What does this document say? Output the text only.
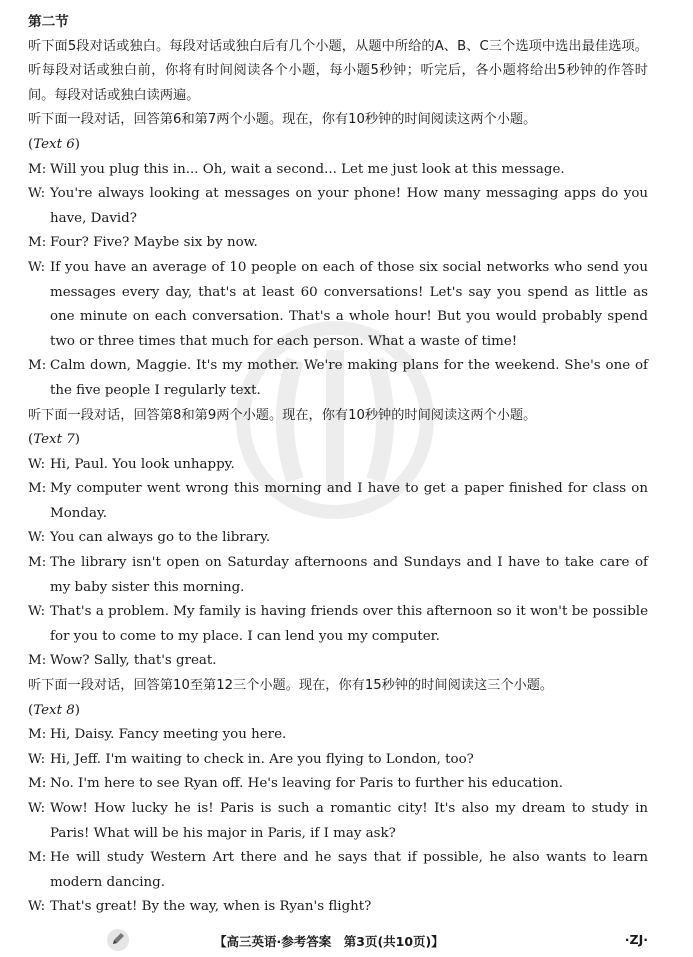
第二节

听下面5段对话或独白。每段对话或独白后有几个小题，从题中所给的A、B、C三个选项中选出最佳选项。听每段对话或独白前，你将有时间阅读各个小题，每小题5秒钟；听完后，各小题将给出5秒钟的作答时间。每段对话或独白读两遍。

听下面一段对话，回答第6和第7两个小题。现在，你有10秒钟的时间阅读这两个小题。
(Text 6)
M: Will you plug this in... Oh, wait a second... Let me just look at this message.
W: You're always looking at messages on your phone! How many messaging apps do you have, David?
M: Four? Five? Maybe six by now.
W: If you have an average of 10 people on each of those six social networks who send you messages every day, that's at least 60 conversations! Let's say you spend as little as one minute on each conversation. That's a whole hour! But you would probably spend two or three times that much for each person. What a waste of time!
M: Calm down, Maggie. It's my mother. We're making plans for the weekend. She's one of the five people I regularly text.
听下面一段对话，回答第8和第9两个小题。现在，你有10秒钟的时间阅读这两个小题。
(Text 7)
W: Hi, Paul. You look unhappy.
M: My computer went wrong this morning and I have to get a paper finished for class on Monday.
W: You can always go to the library.
M: The library isn't open on Saturday afternoons and Sundays and I have to take care of my baby sister this morning.
W: That's a problem. My family is having friends over this afternoon so it won't be possible for you to come to my place. I can lend you my computer.
M: Wow? Sally, that's great.
听下面一段对话，回答第10至第12三个小题。现在，你有15秒钟的时间阅读这三个小题。
(Text 8)
M: Hi, Daisy. Fancy meeting you here.
W: Hi, Jeff. I'm waiting to check in. Are you flying to London, too?
M: No. I'm here to see Ryan off. He's leaving for Paris to further his education.
W: Wow! How lucky he is! Paris is such a romantic city! It's also my dream to study in Paris! What will be his major in Paris, if I may ask?
M: He will study Western Art there and he says that if possible, he also wants to learn modern dancing.
W: That's great! By the way, when is Ryan's flight?
【高三英语·参考答案　第3页(共10页)】	·ZJ·
